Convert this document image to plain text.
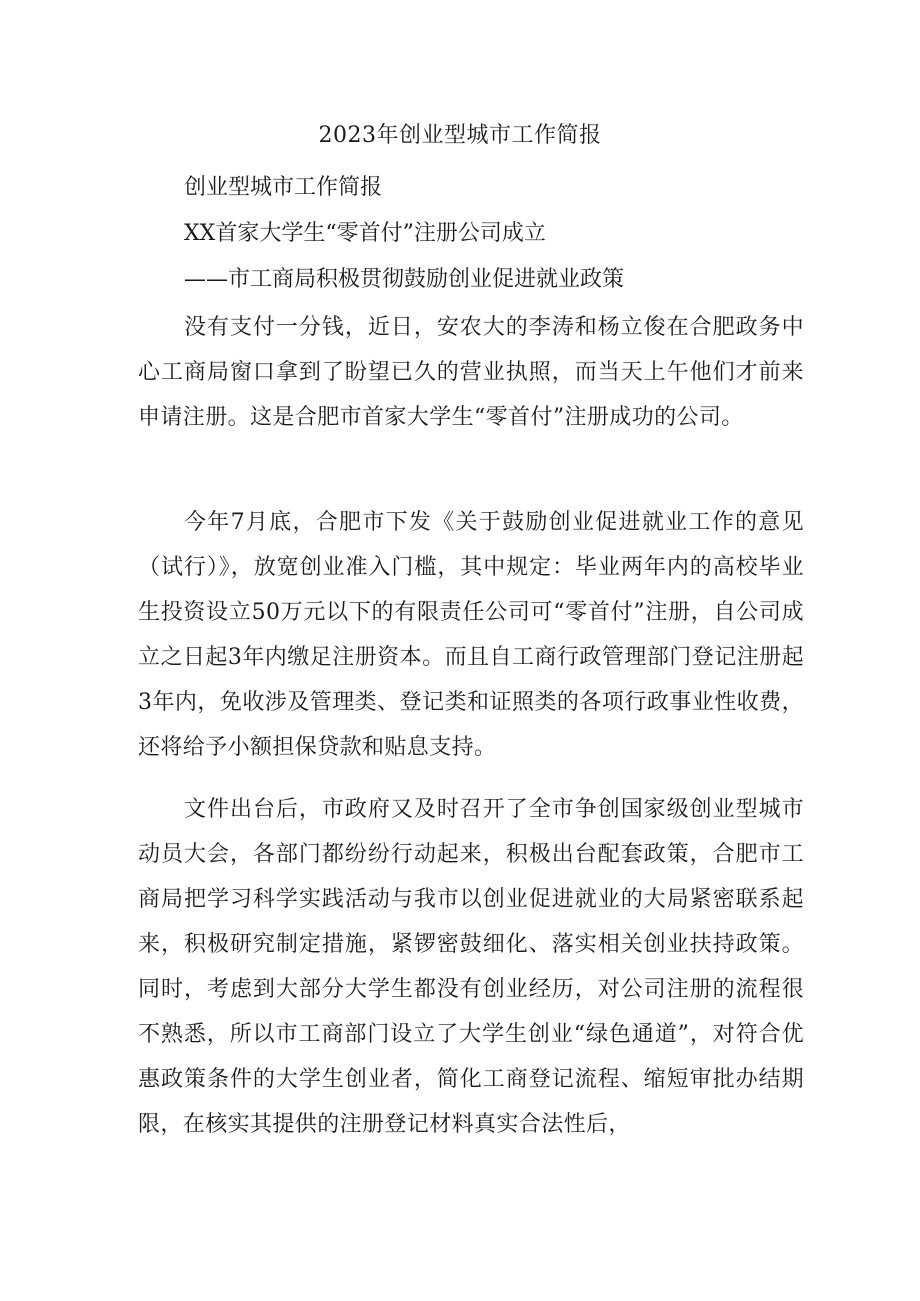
2023年创业型城市工作简报
创业型城市工作简报
XX首家大学生“零首付”注册公司成立
——市工商局积极贯彻鼓励创业促进就业政策

没有支付一分钱，近日，安农大的李涛和杨立俊在合肥政务中心工商局窗口拿到了盼望已久的营业执照，而当天上午他们才前来申请注册。这是合肥市首家大学生“零首付”注册成功的公司。

今年7月底，合肥市下发《关于鼓励创业促进就业工作的意见（试行）》，放宽创业准入门槛，其中规定：毕业两年内的高校毕业生投资设立50万元以下的有限责任公司可“零首付”注册，自公司成立之日起3年内缴足注册资本。而且自工商行政管理部门登记注册起3年内，免收涉及管理类、登记类和证照类的各项行政事业性收费，还将给予小额担保贷款和贴息支持。

文件出台后，市政府又及时召开了全市争创国家级创业型城市动员大会，各部门都纷纷行动起来，积极出台配套政策，合肥市工商局把学习科学实践活动与我市以创业促进就业的大局紧密联系起来，积极研究制定措施，紧锣密鼓细化、落实相关创业扶持政策。同时，考虑到大部分大学生都没有创业经历，对公司注册的流程很不熟悉，所以市工商部门设立了大学生创业“绿色通道”，对符合优惠政策条件的大学生创业者，简化工商登记流程、缩短审批办结期限，在核实其提供的注册登记材料真实合法性后，
